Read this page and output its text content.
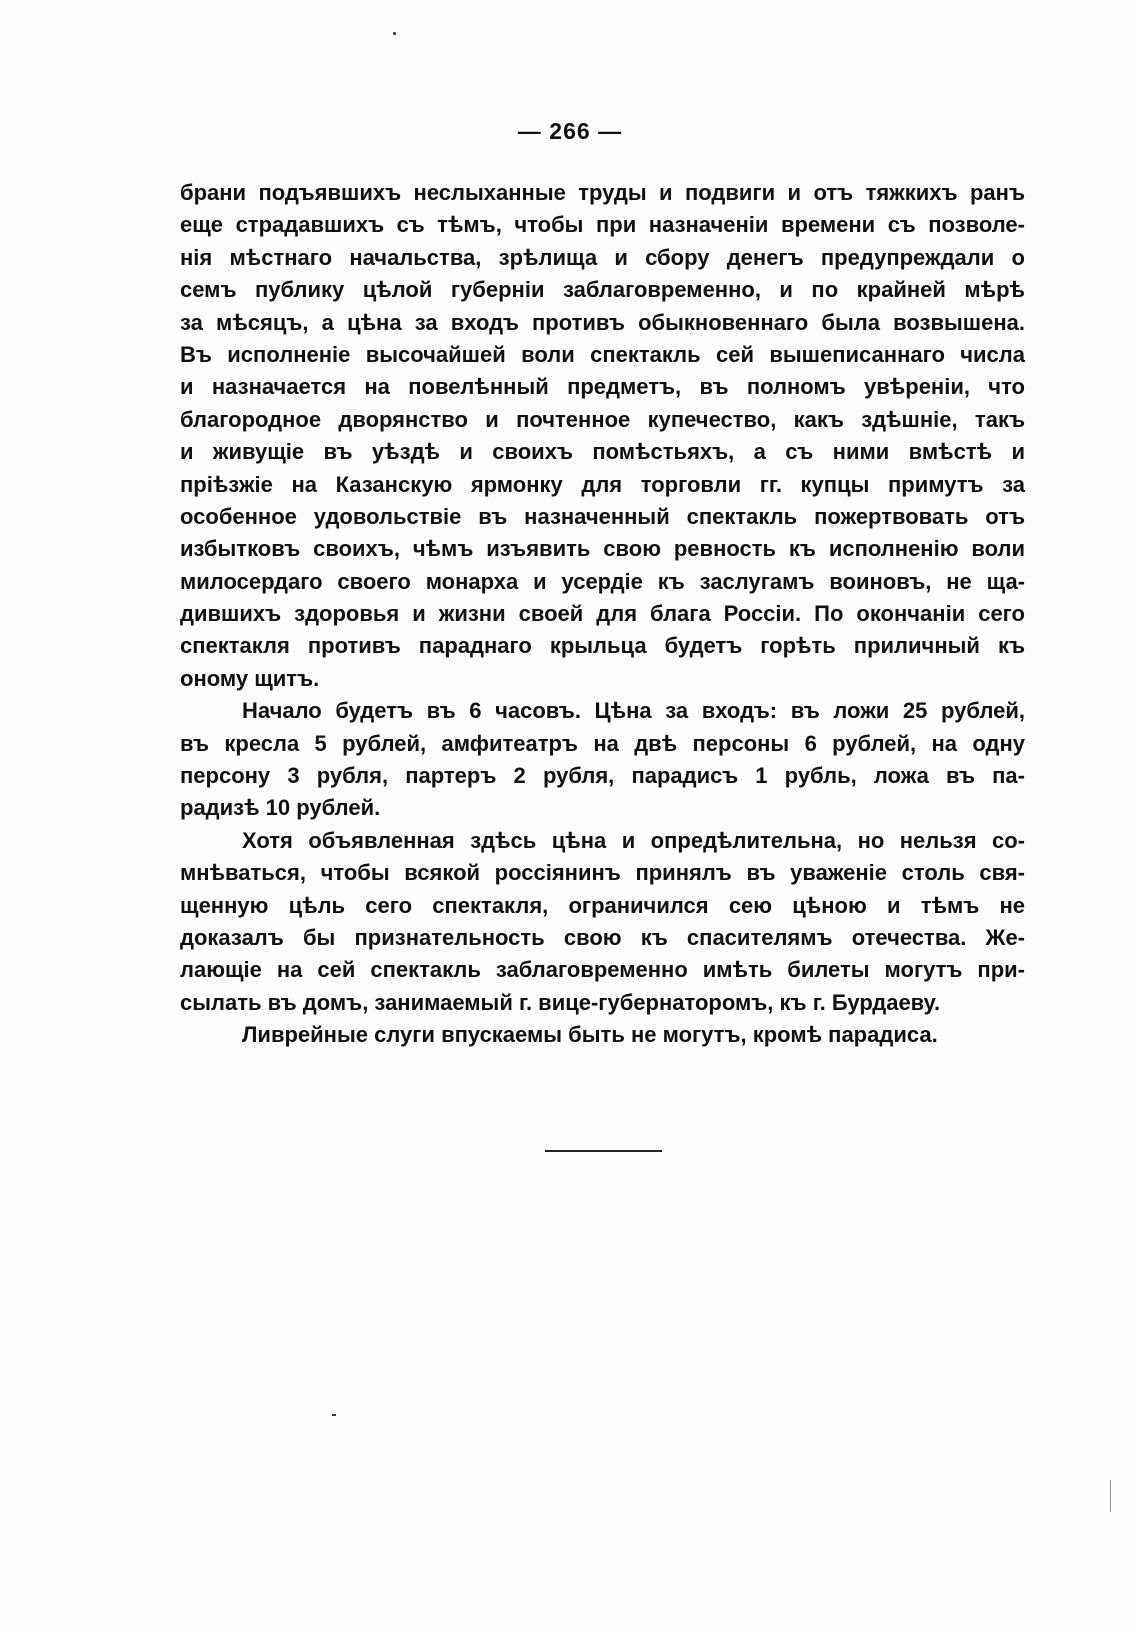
— 266 —
брани подъявшихъ неслыханные труды и подвиги и отъ тяжкихъ ранъ
еще страдавшихъ съ тѣмъ, чтобы при назначенiи времени съ позволе-
нiя мѣстнаго начальства, зрѣлища и сбору денегъ предупреждали о
семъ публику цѣлой губернiи заблаговременно, и по крайней мѣрѣ
за мѣсяцъ, а цѣна за входъ противъ обыкновеннаго была возвышена.
Въ исполненiе высочайшей воли спектакль сей вышеписаннаго числа
и назначается на повелѣнный предметъ, въ полномъ увѣренiи, что
благородное дворянство и почтенное купечество, какъ здѣшнiе, такъ
и живущiе въ уѣздѣ и своихъ помѣстьяхъ, а съ ними вмѣстѣ и
прiѣзжiе на Казанскую ярмонку для торговли гг. купцы примутъ за
особенное удовольствiе въ назначенный спектакль пожертвовать отъ
избытковъ своихъ, чѣмъ изъявить свою ревность къ исполненiю воли
милосердаго своего монарха и усердiе къ заслугамъ воиновъ, не ща-
дившихъ здоровья и жизни своей для блага Россiи. По окончанiи сего
спектакля противъ параднаго крыльца будетъ горѣть приличный къ
оному щитъ.
Начало будетъ въ 6 часовъ. Цѣна за входъ: въ ложи 25 рублей,
въ кресла 5 рублей, амфитеатръ на двѣ персоны 6 рублей, на одну
персону 3 рубля, партеръ 2 рубля, парадисъ 1 рубль, ложа въ па-
радизѣ 10 рублей.
Хотя объявленная здѣсь цѣна и опредѣлительна, но нельзя со-
мнѣваться, чтобы всякой россiянинъ принялъ въ уваженiе столь свя-
щенную цѣль сего спектакля, ограничился сею цѣною и тѣмъ не
доказалъ бы признательность свою къ спасителямъ отечества. Же-
лающiе на сей спектакль заблаговременно имѣть билеты могутъ при-
сылать въ домъ, занимаемый г. вице-губернаторомъ, къ г. Бурдаеву.
Ливрейные слуги впускаемы быть не могутъ, кромѣ парадиса.
